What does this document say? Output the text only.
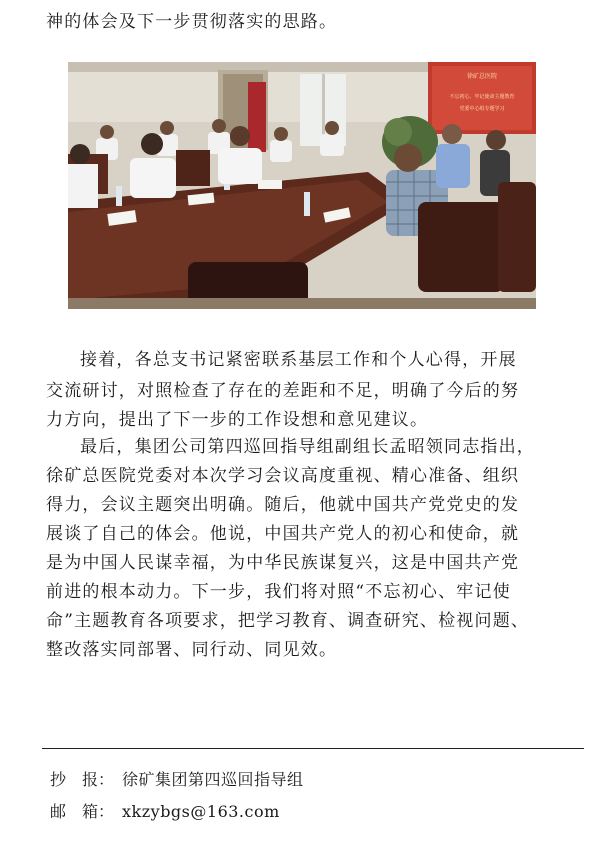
神的体会及下一步贯彻落实的思路。
徐矿总医院
不忘初心、牢记使命主题教育
党委中心组专题学习
接着，各总支书记紧密联系基层工作和个人心得，开展
交流研讨，对照检查了存在的差距和不足，明确了今后的努
力方向，提出了下一步的工作设想和意见建议。
最后，集团公司第四巡回指导组副组长孟昭领同志指出，
徐矿总医院党委对本次学习会议高度重视、精心准备、组织
得力，会议主题突出明确。随后，他就中国共产党党史的发
展谈了自己的体会。他说，中国共产党人的初心和使命，就
是为中国人民谋幸福，为中华民族谋复兴，这是中国共产党
前进的根本动力。下一步，我们将对照“不忘初心、牢记使
命”主题教育各项要求，把学习教育、调查研究、检视问题、
整改落实同部署、同行动、同见效。
抄　报： 徐矿集团第四巡回指导组
邮　箱： xkzybgs@163.com
